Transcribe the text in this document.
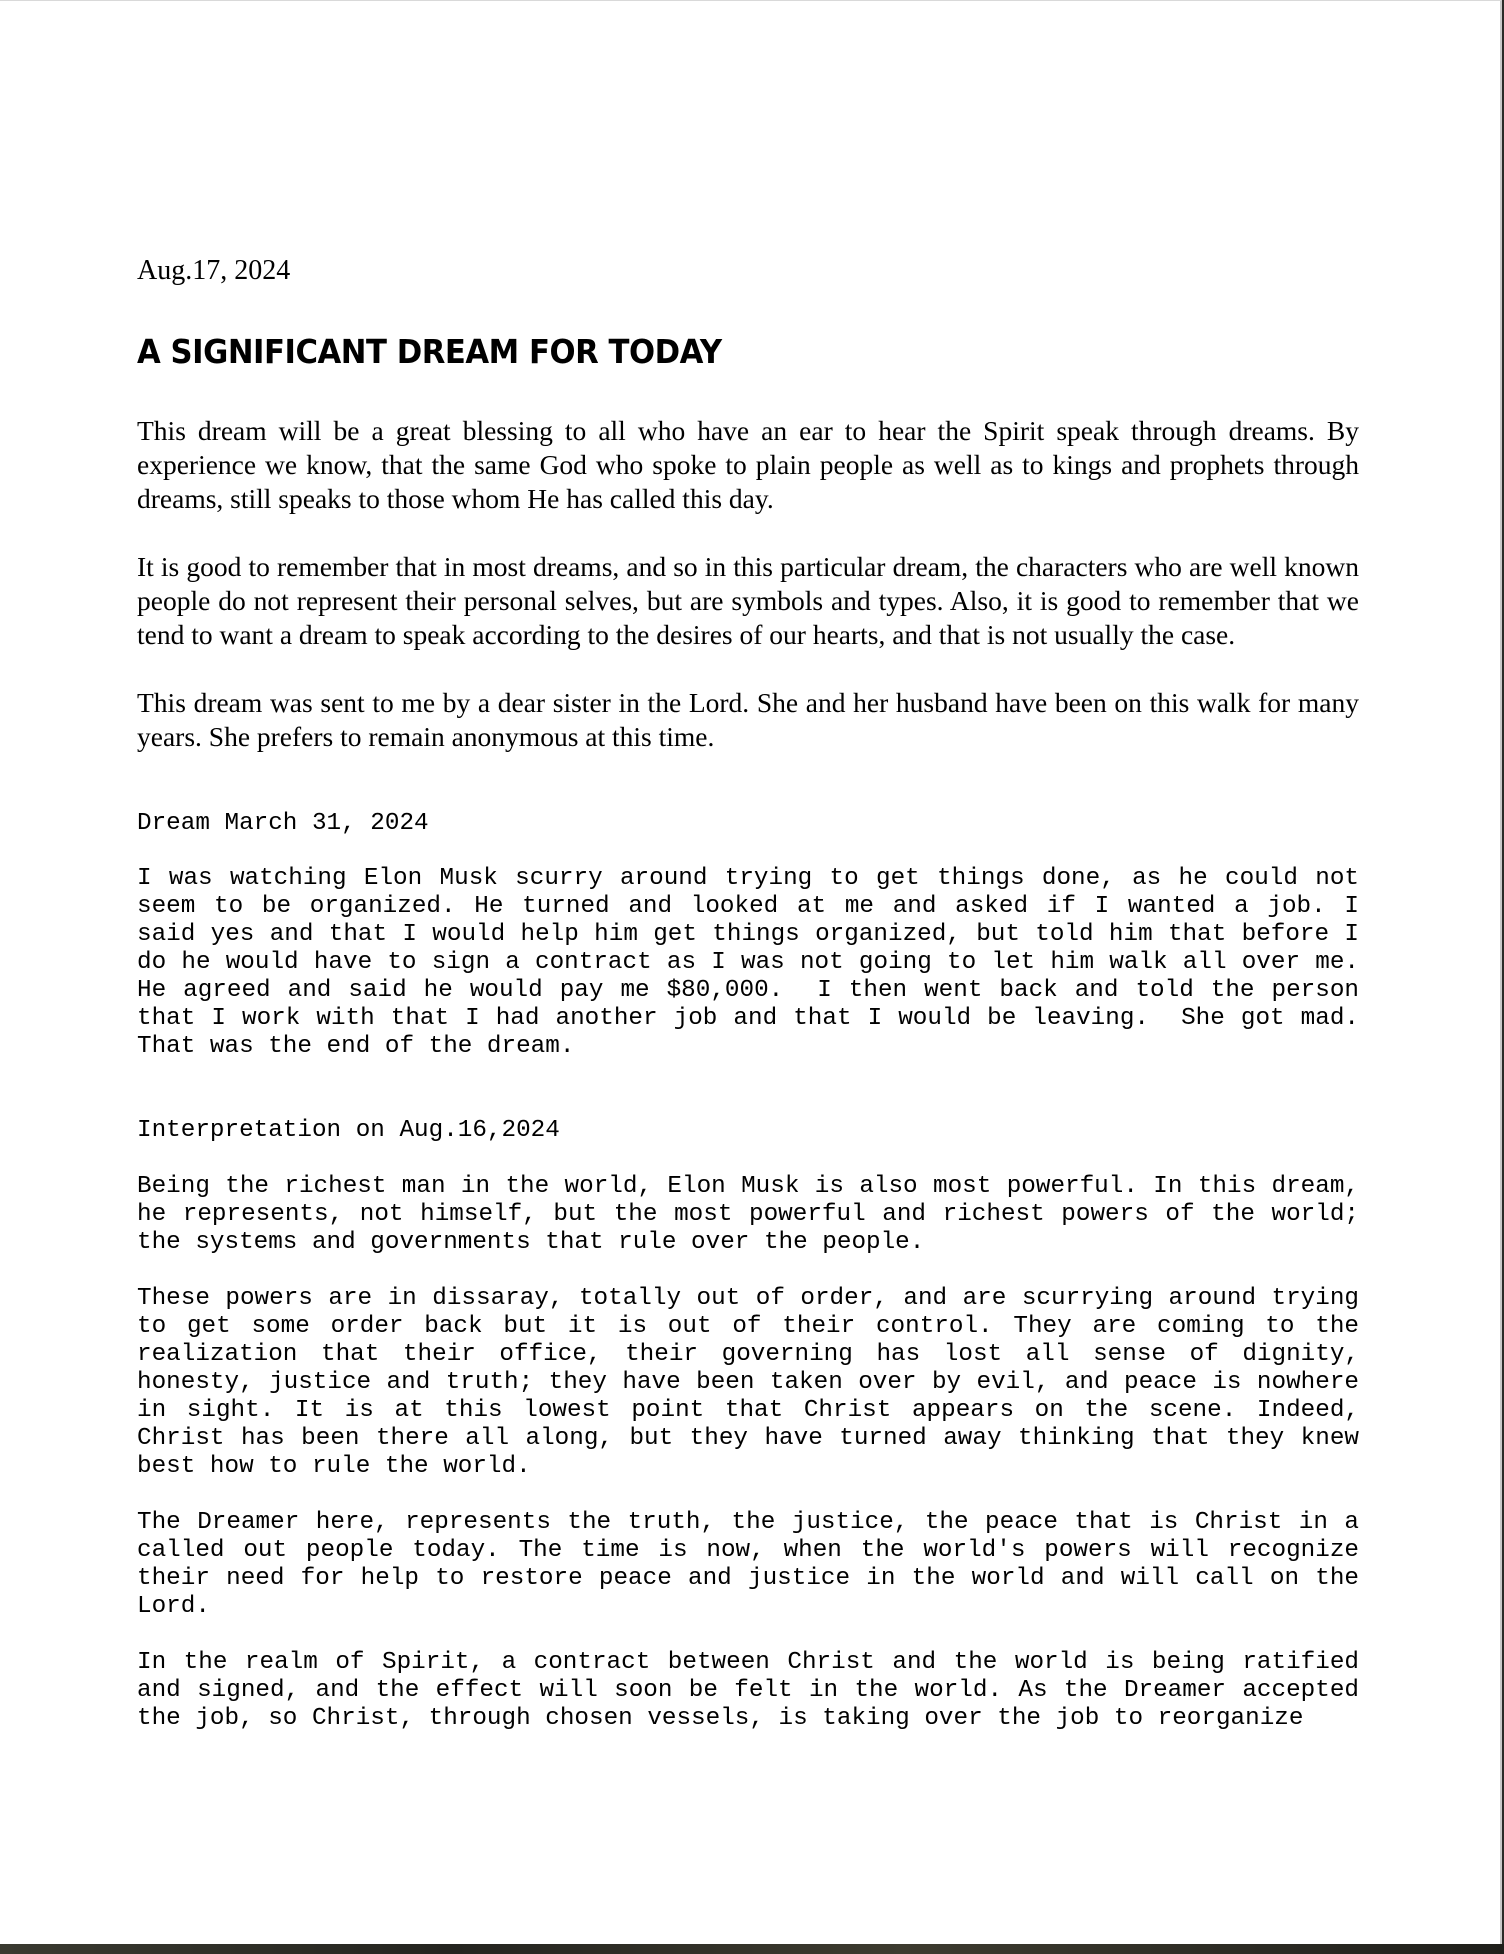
Aug.17, 2024

A SIGNIFICANT DREAM FOR TODAY

This dream will be a great blessing to all who have an ear to hear the Spirit speak through dreams. By experience we know, that the same God who spoke to plain people as well as to kings and prophets through dreams, still speaks to those whom He has called this day.

It is good to remember that in most dreams, and so in this particular dream, the characters who are well known people do not represent their personal selves, but are symbols and types. Also, it is good to remember that we tend to want a dream to speak according to the desires of our hearts, and that is not usually the case.

This dream was sent to me by a dear sister in the Lord. She and her husband have been on this walk for many years. She prefers to remain anonymous at this time.

Dream March 31, 2024

I was watching Elon Musk scurry around trying to get things done, as he could not seem to be organized. He turned and looked at me and asked if I wanted a job. I said yes and that I would help him get things organized, but told him that before I do he would have to sign a contract as I was not going to let him walk all over me. He agreed and said he would pay me $80,000.  I then went back and told the person that I work with that I had another job and that I would be leaving.  She got mad. That was the end of the dream.

Interpretation on Aug.16,2024

Being the richest man in the world, Elon Musk is also most powerful. In this dream, he represents, not himself, but the most powerful and richest powers of the world; the systems and governments that rule over the people.

These powers are in dissaray, totally out of order, and are scurrying around trying to get some order back but it is out of their control. They are coming to the realization that their office, their governing has lost all sense of dignity, honesty, justice and truth; they have been taken over by evil, and peace is nowhere in sight. It is at this lowest point that Christ appears on the scene. Indeed, Christ has been there all along, but they have turned away thinking that they knew best how to rule the world.

The Dreamer here, represents the truth, the justice, the peace that is Christ in a called out people today. The time is now, when the world's powers will recognize their need for help to restore peace and justice in the world and will call on the Lord.

In the realm of Spirit, a contract between Christ and the world is being ratified and signed, and the effect will soon be felt in the world. As the Dreamer accepted the job, so Christ, through chosen vessels, is taking over the job to reorganize
